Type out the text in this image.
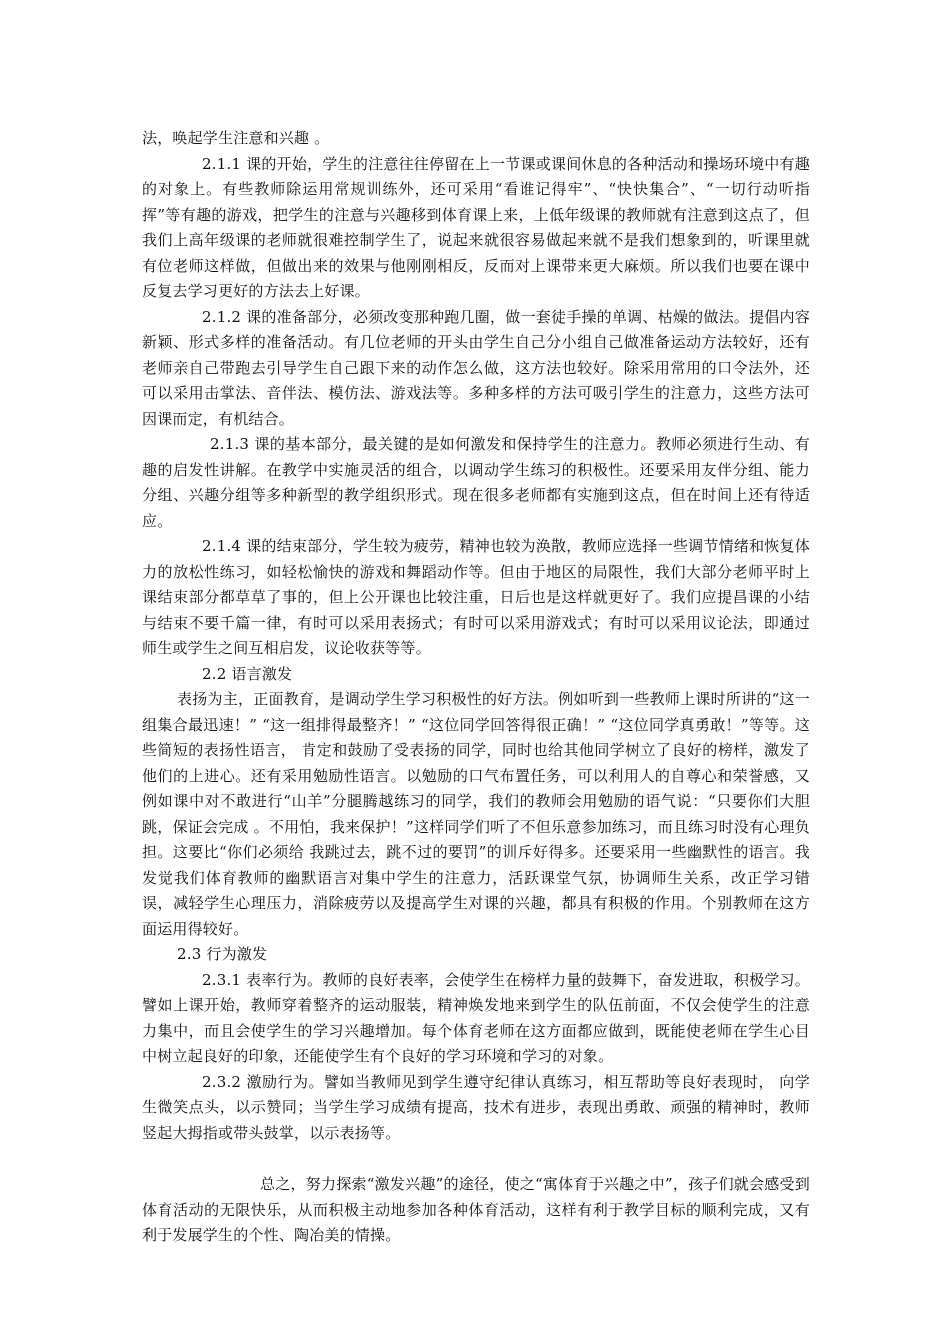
法，唤起学生注意和兴趣 。

2.1.1 课的开始，学生的注意往往停留在上一节课或课间休息的各种活动和操场环境中有趣的对象上。有些教师除运用常规训练外，还可采用“看谁记得牢”、“快快集合”、“一切行动听指挥”等有趣的游戏，把学生的注意与兴趣移到体育课上来，上低年级课的教师就有注意到这点了，但我们上高年级课的老师就很难控制学生了，说起来就很容易做起来就不是我们想象到的，听课里就有位老师这样做，但做出来的效果与他刚刚相反，反而对上课带来更大麻烦。所以我们也要在课中反复去学习更好的方法去上好课。

2.1.2 课的准备部分，必须改变那种跑几圈，做一套徒手操的单调、枯燥的做法。提倡内容新颖、形式多样的准备活动。有几位老师的开头由学生自己分小组自己做准备运动方法较好，还有老师亲自己带跑去引导学生自己跟下来的动作怎么做，这方法也较好。除采用常用的口令法外，还可以采用击掌法、音伴法、模仿法、游戏法等。多种多样的方法可吸引学生的注意力，这些方法可因课而定，有机结合。

2.1.3 课的基本部分，最关键的是如何激发和保持学生的注意力。教师必须进行生动、有趣的启发性讲解。在教学中实施灵活的组合，以调动学生练习的积极性。还要采用友伴分组、能力分组、兴趣分组等多种新型的教学组织形式。现在很多老师都有实施到这点，但在时间上还有待适应。

2.1.4 课的结束部分，学生较为疲劳，精神也较为涣散，教师应选择一些调节情绪和恢复体力的放松性练习，如轻松愉快的游戏和舞蹈动作等。但由于地区的局限性，我们大部分老师平时上课结束部分都草草了事的，但上公开课也比较注重，日后也是这样就更好了。我们应提昌课的小结与结束不要千篇一律，有时可以采用表扬式；有时可以采用游戏式；有时可以采用议论法，即通过师生或学生之间互相启发，议论收获等等。

2.2 语言激发

表扬为主，正面教育，是调动学生学习积极性的好方法。例如听到一些教师上课时所讲的“这一组集合最迅速！” “这一组排得最整齐！” “这位同学回答得很正确！” “这位同学真勇敢！”等等。这些简短的表扬性语言， 肯定和鼓励了受表扬的同学，同时也给其他同学树立了良好的榜样，激发了他们的上进心。还有采用勉励性语言。以勉励的口气布置任务，可以利用人的自尊心和荣誉感，又例如课中对不敢进行“山羊”分腿腾越练习的同学，我们的教师会用勉励的语气说：“只要你们大胆跳，保证会完成 。不用怕，我来保护！”这样同学们听了不但乐意参加练习，而且练习时没有心理负担。这要比“你们必须给 我跳过去，跳不过的要罚”的训斥好得多。还要采用一些幽默性的语言。我发觉我们体育教师的幽默语言对集中学生的注意力，活跃课堂气氛，协调师生关系，改正学习错误，减轻学生心理压力，消除疲劳以及提高学生对课的兴趣，都具有积极的作用。个别教师在这方面运用得较好。

2.3 行为激发

2.3.1 表率行为。教师的良好表率，会使学生在榜样力量的鼓舞下，奋发进取，积极学习。譬如上课开始，教师穿着整齐的运动服装，精神焕发地来到学生的队伍前面，不仅会使学生的注意力集中，而且会使学生的学习兴趣增加。每个体育老师在这方面都应做到，既能使老师在学生心目中树立起良好的印象，还能使学生有个良好的学习环境和学习的对象。

2.3.2 激励行为。譬如当教师见到学生遵守纪律认真练习，相互帮助等良好表现时， 向学生微笑点头，以示赞同；当学生学习成绩有提高，技术有进步，表现出勇敢、顽强的精神时，教师竖起大拇指或带头鼓掌，以示表扬等。

总之，努力探索“激发兴趣”的途径，使之“寓体育于兴趣之中”，孩子们就会感受到体育活动的无限快乐，从而积极主动地参加各种体育活动，这样有利于教学目标的顺利完成，又有利于发展学生的个性、陶冶美的情操。
